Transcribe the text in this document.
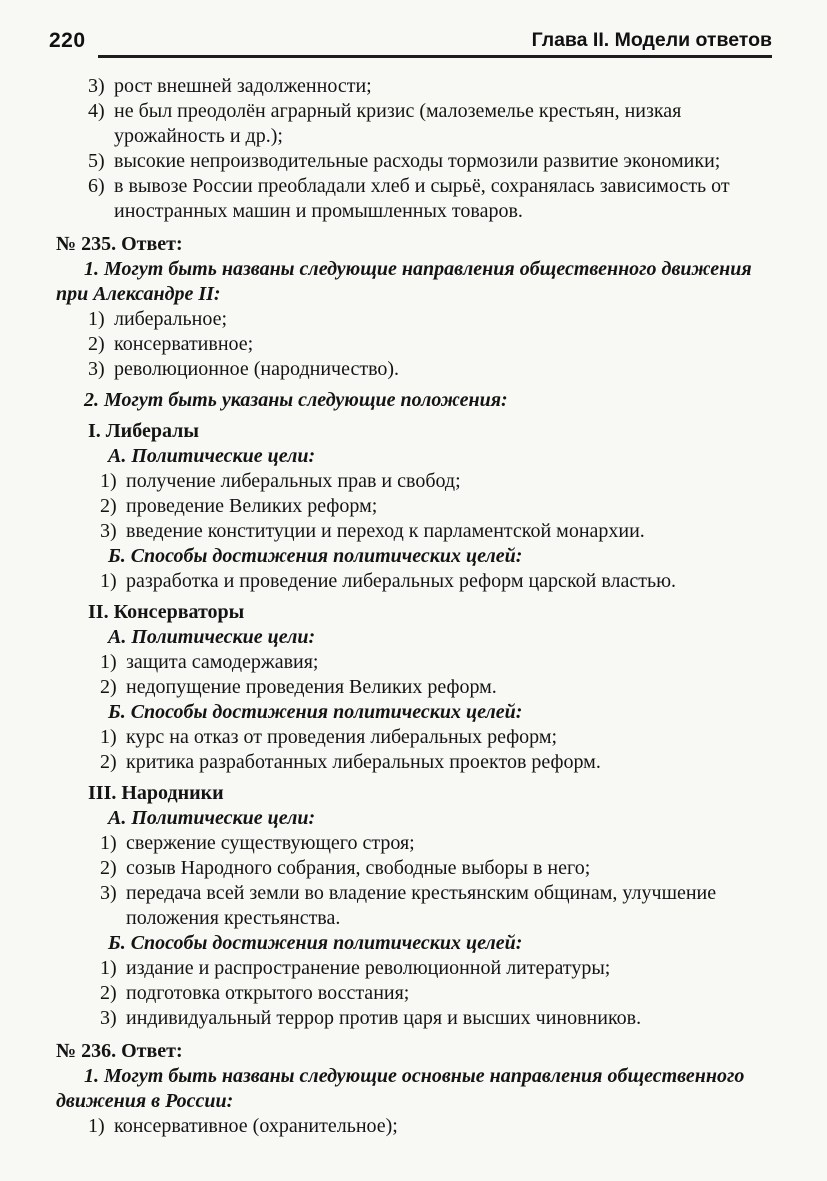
220	Глава II. Модели ответов
3) рост внешней задолженности;
4) не был преодолён аграрный кризис (малоземелье крестьян, низкая урожайность и др.);
5) высокие непроизводительные расходы тормозили развитие экономики;
6) в вывозе России преобладали хлеб и сырьё, сохранялась зависимость от иностранных машин и промышленных товаров.

№ 235. Ответ:

1. Могут быть названы следующие направления общественного движения при Александре II:

1) либеральное;
2) консервативное;
3) революционное (народничество).

2. Могут быть указаны следующие положения:

I. Либералы

А. Политические цели:

1) получение либеральных прав и свобод;
2) проведение Великих реформ;
3) введение конституции и переход к парламентской монархии.

Б. Способы достижения политических целей:

1) разработка и проведение либеральных реформ царской властью.

II. Консерваторы

А. Политические цели:

1) защита самодержавия;
2) недопущение проведения Великих реформ.

Б. Способы достижения политических целей:

1) курс на отказ от проведения либеральных реформ;
2) критика разработанных либеральных проектов реформ.

III. Народники

А. Политические цели:

1) свержение существующего строя;
2) созыв Народного собрания, свободные выборы в него;
3) передача всей земли во владение крестьянским общинам, улучшение положения крестьянства.

Б. Способы достижения политических целей:

1) издание и распространение революционной литературы;
2) подготовка открытого восстания;
3) индивидуальный террор против царя и высших чиновников.

№ 236. Ответ:

1. Могут быть названы следующие основные направления общественного движения в России:

1) консервативное (охранительное);
